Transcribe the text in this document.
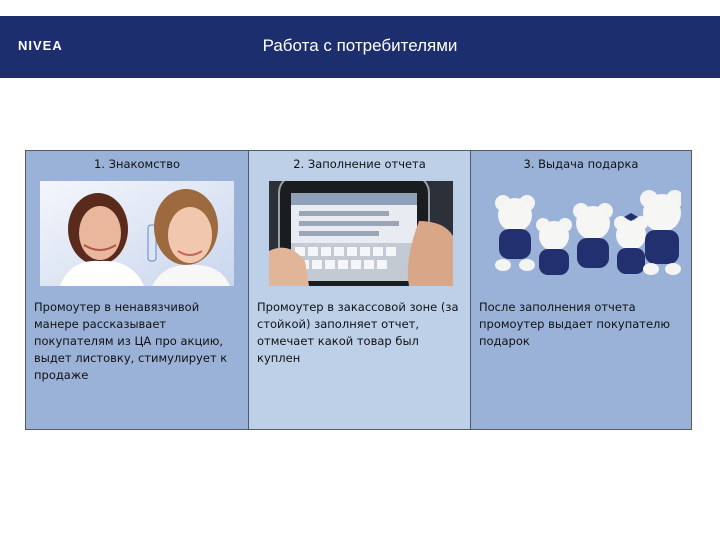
NIVEA	Работа с потребителями
1. Знакомство
Промоутер в ненавязчивой манере рассказывает покупателям из ЦА про акцию, выдет листовку, стимулирует к продаже
2. Заполнение отчета
Промоутер в закассовой зоне (за стойкой) заполняет отчет, отмечает какой товар был куплен
3. Выдача подарка
После заполнения отчета промоутер выдает покупателю подарок
